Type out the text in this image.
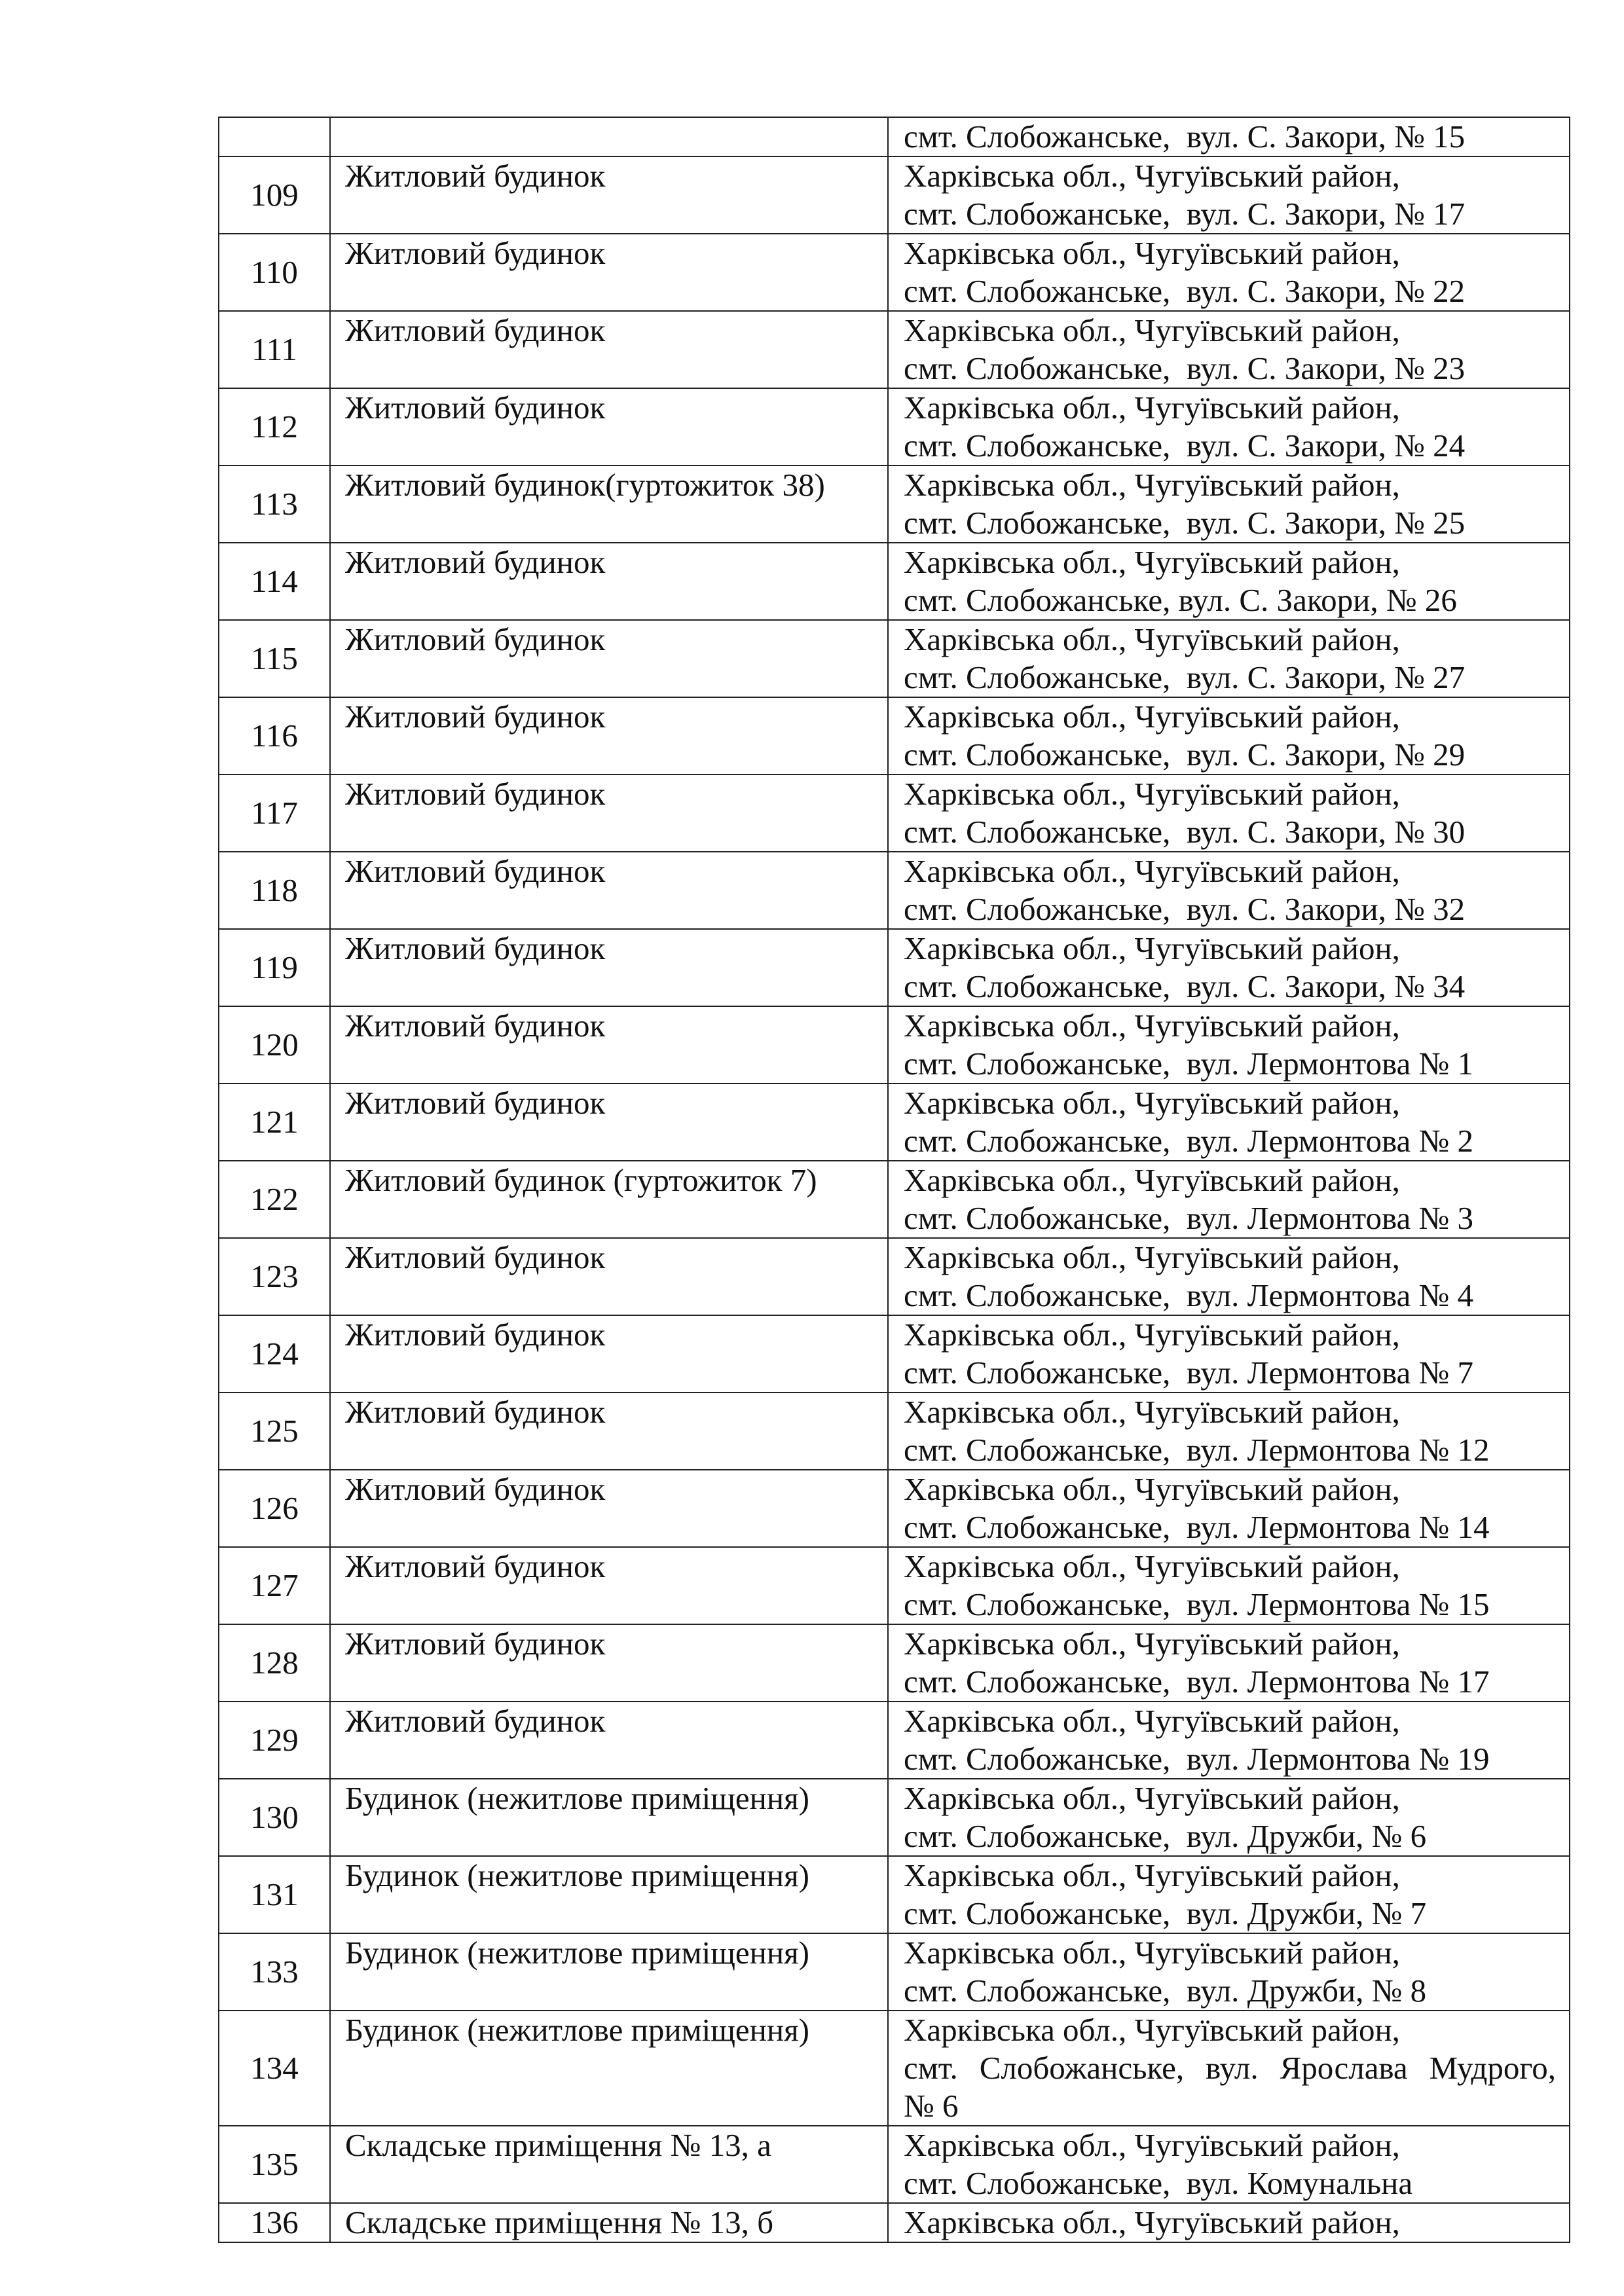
		смт. Слобожанське,  вул. С. Закори, № 15

109	Житловий будинок	Харківська обл., Чугуївський район,
смт. Слобожанське,  вул. С. Закори, № 17

110	Житловий будинок	Харківська обл., Чугуївський район,
смт. Слобожанське,  вул. С. Закори, № 22

111	Житловий будинок	Харківська обл., Чугуївський район,
смт. Слобожанське,  вул. С. Закори, № 23

112	Житловий будинок	Харківська обл., Чугуївський район,
смт. Слобожанське,  вул. С. Закори, № 24

113	Житловий будинок(гуртожиток 38)	Харківська обл., Чугуївський район,
смт. Слобожанське,  вул. С. Закори, № 25

114	Житловий будинок	Харківська обл., Чугуївський район,
смт. Слобожанське, вул. С. Закори, № 26

115	Житловий будинок	Харківська обл., Чугуївський район,
смт. Слобожанське,  вул. С. Закори, № 27

116	Житловий будинок	Харківська обл., Чугуївський район,
смт. Слобожанське,  вул. С. Закори, № 29

117	Житловий будинок	Харківська обл., Чугуївський район,
смт. Слобожанське,  вул. С. Закори, № 30

118	Житловий будинок	Харківська обл., Чугуївський район,
смт. Слобожанське,  вул. С. Закори, № 32

119	Житловий будинок	Харківська обл., Чугуївський район,
смт. Слобожанське,  вул. С. Закори, № 34

120	Житловий будинок	Харківська обл., Чугуївський район,
смт. Слобожанське,  вул. Лермонтова № 1

121	Житловий будинок	Харківська обл., Чугуївський район,
смт. Слобожанське,  вул. Лермонтова № 2

122	Житловий будинок (гуртожиток 7)	Харківська обл., Чугуївський район,
смт. Слобожанське,  вул. Лермонтова № 3

123	Житловий будинок	Харківська обл., Чугуївський район,
смт. Слобожанське,  вул. Лермонтова № 4

124	Житловий будинок	Харківська обл., Чугуївський район,
смт. Слобожанське,  вул. Лермонтова № 7

125	Житловий будинок	Харківська обл., Чугуївський район,
смт. Слобожанське,  вул. Лермонтова № 12

126	Житловий будинок	Харківська обл., Чугуївський район,
смт. Слобожанське,  вул. Лермонтова № 14

127	Житловий будинок	Харківська обл., Чугуївський район,
смт. Слобожанське,  вул. Лермонтова № 15

128	Житловий будинок	Харківська обл., Чугуївський район,
смт. Слобожанське,  вул. Лермонтова № 17

129	Житловий будинок	Харківська обл., Чугуївський район,
смт. Слобожанське,  вул. Лермонтова № 19

130	Будинок (нежитлове приміщення)	Харківська обл., Чугуївський район,
смт. Слобожанське,  вул. Дружби, № 6

131	Будинок (нежитлове приміщення)	Харківська обл., Чугуївський район,
смт. Слобожанське,  вул. Дружби, № 7

133	Будинок (нежитлове приміщення)	Харківська обл., Чугуївський район,
смт. Слобожанське,  вул. Дружби, № 8

134	Будинок (нежитлове приміщення)	Харківська обл., Чугуївський район,
смт. Слобожанське, вул. Ярослава Мудрого,
№ 6

135	Складське приміщення № 13, а	Харківська обл., Чугуївський район,
смт. Слобожанське,  вул. Комунальна

136	Складське приміщення № 13, б	Харківська обл., Чугуївський район,
